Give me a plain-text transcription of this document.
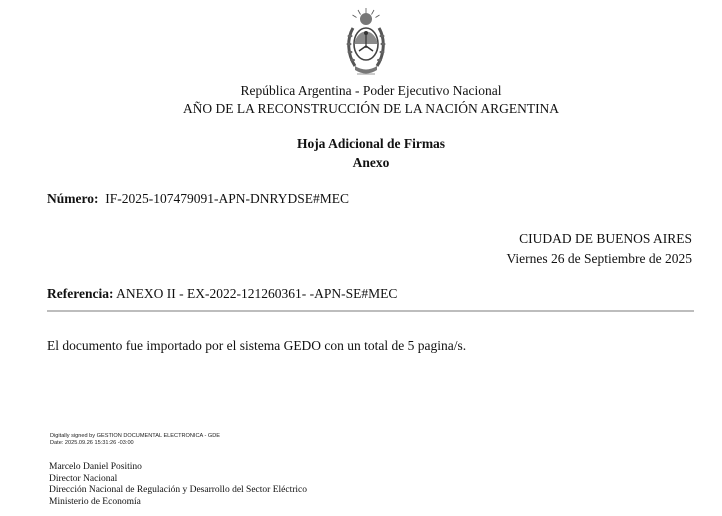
República Argentina - Poder Ejecutivo Nacional
AÑO DE LA RECONSTRUCCIÓN DE LA NACIÓN ARGENTINA
Hoja Adicional de Firmas
Anexo
Número: IF-2025-107479091-APN-DNRYDSE#MEC
CIUDAD DE BUENOS AIRES
Viernes 26 de Septiembre de 2025
Referencia: ANEXO II - EX-2022-121260361- -APN-SE#MEC
El documento fue importado por el sistema GEDO con un total de 5 pagina/s.
Digitally signed by GESTION DOCUMENTAL ELECTRONICA - GDE
Date: 2025.09.26 15:31:26 -03:00
Marcelo Daniel Positino
Director Nacional
Dirección Nacional de Regulación y Desarrollo del Sector Eléctrico
Ministerio de Economía
